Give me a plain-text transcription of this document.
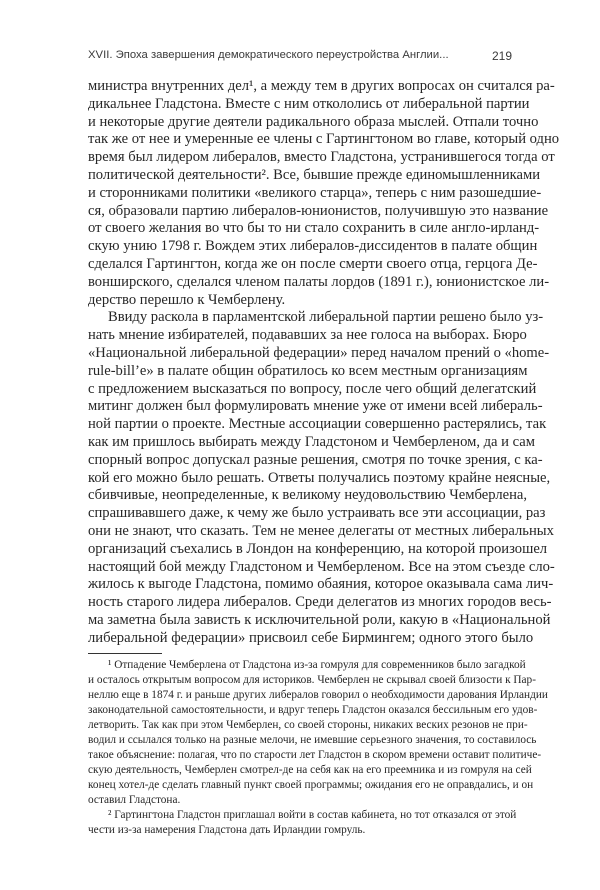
XVII. Эпоха завершения демократического переустройства Англии...	219
министра внутренних дел¹, а между тем в других вопросах он считался ра-
дикальнее Гладстона. Вместе с ним откололись от либеральной партии
и некоторые другие деятели радикального образа мыслей. Отпали точно
так же от нее и умеренные ее члены с Гартингтоном во главе, который одно
время был лидером либералов, вместо Гладстона, устранившегося тогда от
политической деятельности². Все, бывшие прежде единомышленниками
и сторонниками политики «великого старца», теперь с ним разошедшие-
ся, образовали партию либералов-юнионистов, получившую это название
от своего желания во что бы то ни стало сохранить в силе англо-ирланд-
скую унию 1798 г. Вождем этих либералов-диссидентов в палате общин
сделался Гартингтон, когда же он после смерти своего отца, герцога Де-
вонширского, сделался членом палаты лордов (1891 г.), юнионистское ли-
дерство перешло к Чемберлену.
Ввиду раскола в парламентской либеральной партии решено было уз-
нать мнение избирателей, подававших за нее голоса на выборах. Бюро
«Национальной либеральной федерации» перед началом прений о «home-
rule-bill’e» в палате общин обратилось ко всем местным организациям
с предложением высказаться по вопросу, после чего общий делегатский
митинг должен был формулировать мнение уже от имени всей либераль-
ной партии о проекте. Местные ассоциации совершенно растерялись, так
как им пришлось выбирать между Гладстоном и Чемберленом, да и сам
спорный вопрос допускал разные решения, смотря по точке зрения, с ка-
кой его можно было решать. Ответы получались поэтому крайне неясные,
сбивчивые, неопределенные, к великому неудовольствию Чемберлена,
спрашивавшего даже, к чему же было устраивать все эти ассоциации, раз
они не знают, что сказать. Тем не менее делегаты от местных либеральных
организаций съехались в Лондон на конференцию, на которой произошел
настоящий бой между Гладстоном и Чемберленом. Все на этом съезде сло-
жилось к выгоде Гладстона, помимо обаяния, которое оказывала сама лич-
ность старого лидера либералов. Среди делегатов из многих городов весь-
ма заметна была зависть к исключительной роли, какую в «Национальной
либеральной федерации» присвоил себе Бирмингем; одного этого было
¹ Отпадение Чемберлена от Гладстона из-за гомруля для современников было загадкой
и осталось открытым вопросом для историков. Чемберлен не скрывал своей близости к Пар-
неллю еще в 1874 г. и раньше других либералов говорил о необходимости дарования Ирландии
законодательной самостоятельности, и вдруг теперь Гладстон оказался бессильным его удов-
летворить. Так как при этом Чемберлен, со своей стороны, никаких веских резонов не при-
водил и ссылался только на разные мелочи, не имевшие серьезного значения, то составилось
такое объяснение: полагая, что по старости лет Гладстон в скором времени оставит политиче-
скую деятельность, Чемберлен смотрел-де на себя как на его преемника и из гомруля на сей
конец хотел-де сделать главный пункт своей программы; ожидания его не оправдались, и он
оставил Гладстона.
² Гартингтона Гладстон приглашал войти в состав кабинета, но тот отказался от этой
чести из-за намерения Гладстона дать Ирландии гомруль.
